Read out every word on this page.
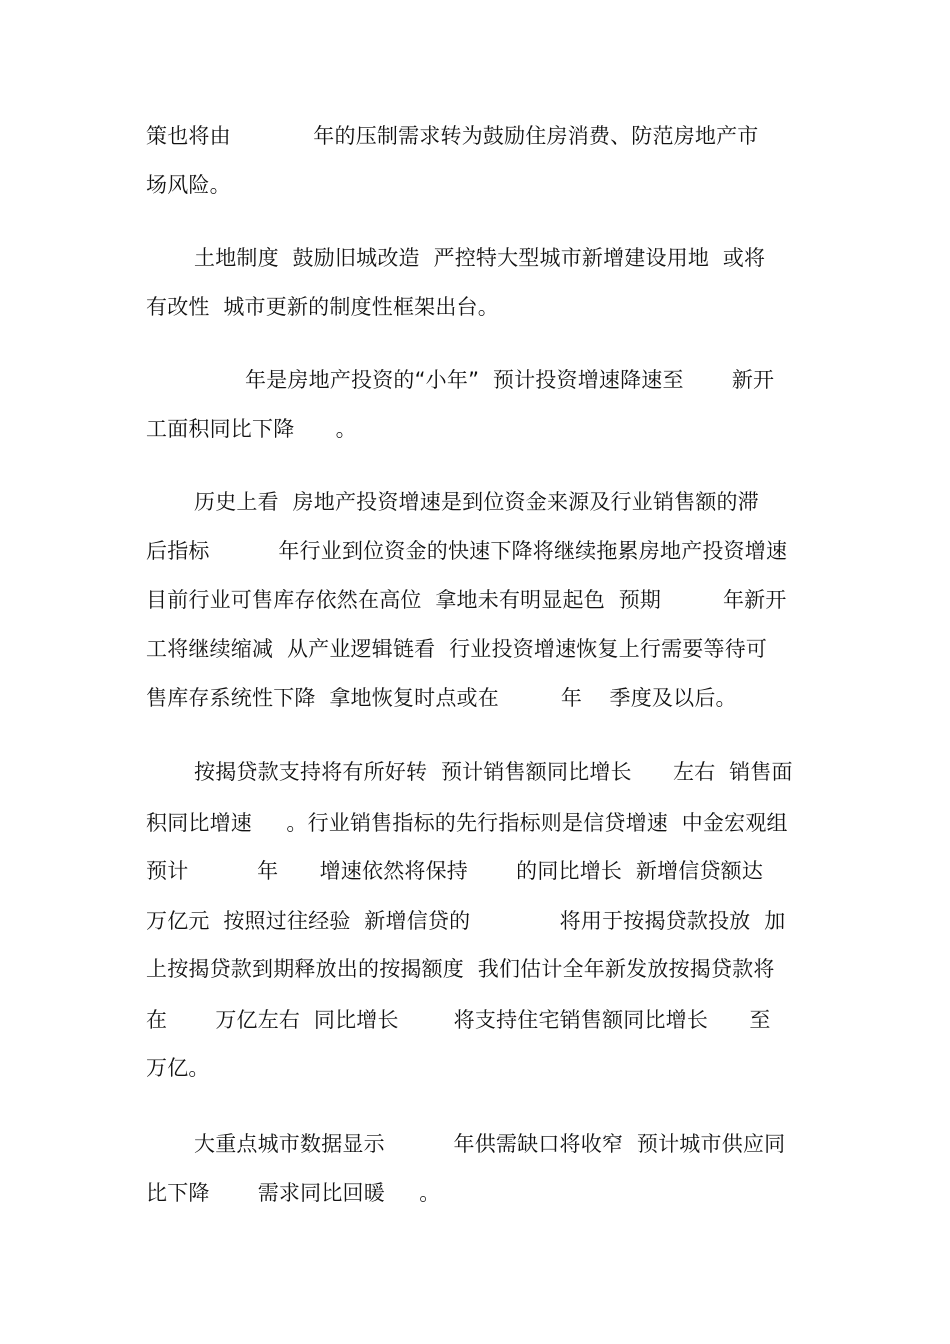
策也将由            年的压制需求转为鼓励住房消费、防范房地产市
场风险。
土地制度  鼓励旧城改造  严控特大型城市新增建设用地  或将
有改性  城市更新的制度性框架出台。
年是房地产投资的“小年”  预计投资增速降速至       新开
工面积同比下降      。
历史上看  房地产投资增速是到位资金来源及行业销售额的滞
后指标          年行业到位资金的快速下降将继续拖累房地产投资增速
目前行业可售库存依然在高位  拿地未有明显起色  预期         年新开
工将继续缩减  从产业逻辑链看  行业投资增速恢复上行需要等待可
售库存系统性下降  拿地恢复时点或在         年    季度及以后。
按揭贷款支持将有所好转  预计销售额同比增长      左右  销售面
积同比增速     。行业销售指标的先行指标则是信贷增速  中金宏观组
预计          年      增速依然将保持       的同比增长  新增信贷额达
万亿元  按照过往经验  新增信贷的             将用于按揭贷款投放  加
上按揭贷款到期释放出的按揭额度  我们估计全年新发放按揭贷款将
在       万亿左右  同比增长        将支持住宅销售额同比增长      至
万亿。
大重点城市数据显示          年供需缺口将收窄  预计城市供应同
比下降       需求同比回暖     。
